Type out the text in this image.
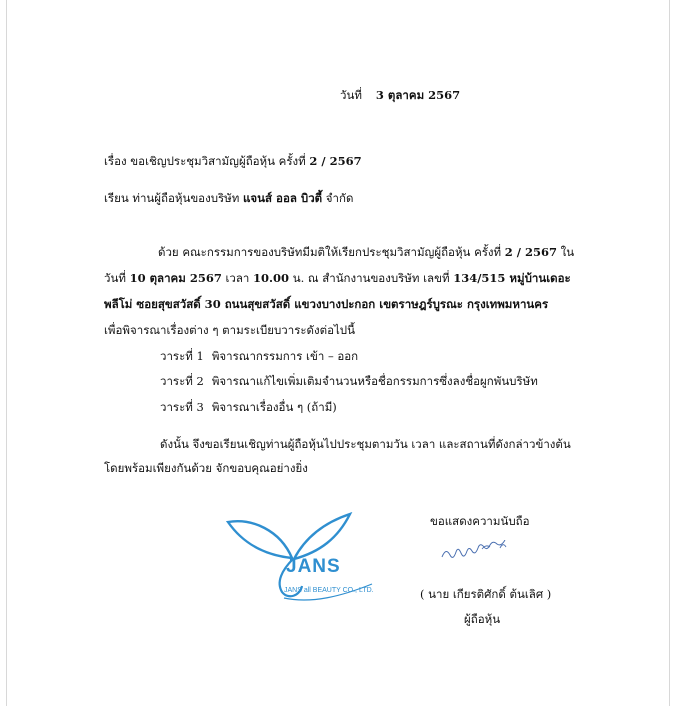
วันที่ 3 ตุลาคม 2567
เรื่อง ขอเชิญประชุมวิสามัญผู้ถือหุ้น ครั้งที่ 2 / 2567
เรียน ท่านผู้ถือหุ้นของบริษัท แจนส์ ออล บิวตี้ จำกัด
ด้วย คณะกรรมการของบริษัทมีมติให้เรียกประชุมวิสามัญผู้ถือหุ้น ครั้งที่ 2 / 2567 ใน
วันที่ 10 ตุลาคม 2567 เวลา 10.00 น. ณ สำนักงานของบริษัท เลขที่ 134/515 หมู่บ้านเดอะ
พลีโม่ ซอยสุขสวัสดิ์ 30 ถนนสุขสวัสดิ์ แขวงบางปะกอก เขตราษฎร์บูรณะ กรุงเทพมหานคร
เพื่อพิจารณาเรื่องต่าง ๆ ตามระเบียบวาระดังต่อไปนี้
วาระที่ 1 พิจารณากรรมการ เข้า – ออก
วาระที่ 2 พิจารณาแก้ไขเพิ่มเติมจำนวนหรือชื่อกรรมการซึ่งลงชื่อผูกพันบริษัท
วาระที่ 3 พิจารณาเรื่องอื่น ๆ (ถ้ามี)
ดังนั้น จึงขอเรียนเชิญท่านผู้ถือหุ้นไปประชุมตามวัน เวลา และสถานที่ดังกล่าวข้างต้น
โดยพร้อมเพียงกันด้วย จักขอบคุณอย่างยิ่ง
ขอแสดงความนับถือ
( นาย เกียรติศักดิ์ ต้นเลิศ )
ผู้ถือหุ้น
JANS
JANS all BEAUTY CO., LTD.
